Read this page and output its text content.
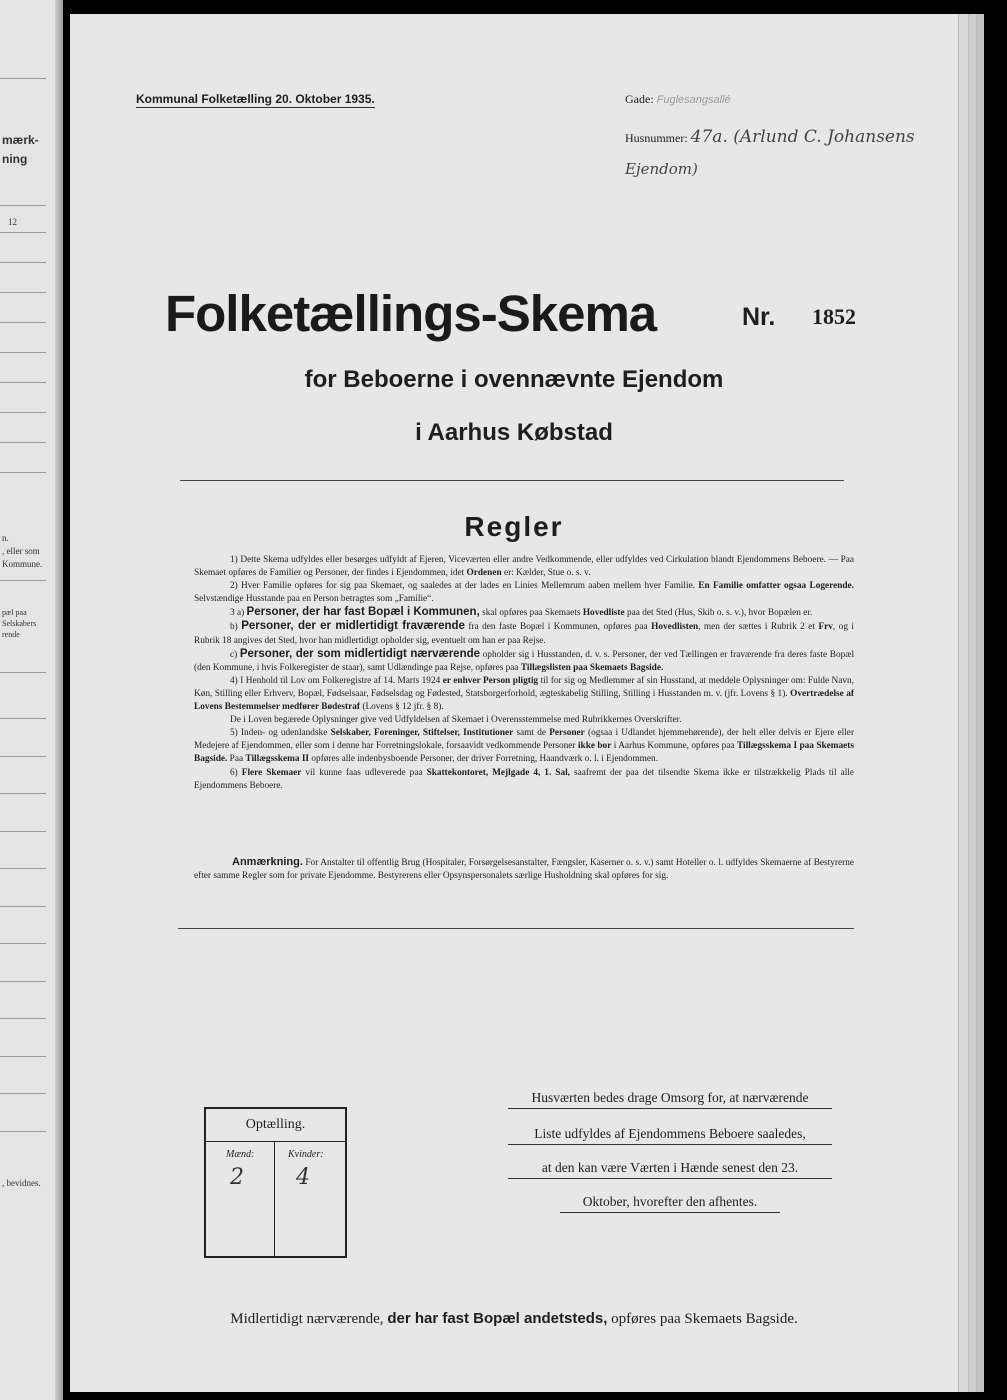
mærk-
ning
12
n.
, eller som
Kommune.
pæl paa
Selskabers
rende
, bevidnes.
Kommunal Folketælling 20. Oktober 1935.	Gade: Fuglesangsallé
Husnummer: 47a. (Arlund C. Johansens
Ejendom)
Folketællings-Skema	Nr. 1852
for Beboerne i ovennævnte Ejendom
i Aarhus Købstad
Regler

1) Dette Skema udfyldes eller besørges udfyldt af Ejeren, Viceværten eller andre Vedkommende, eller udfyldes ved Cirkulation blandt Ejendommens Beboere. — Paa Skemaet opføres de Familier og Personer, der findes i Ejendommen, idet Ordenen er: Kælder, Stue o. s. v.

2) Hver Familie opføres for sig paa Skemaet, og saaledes at der lades en Linies Mellemrum aaben mellem hver Familie. En Familie omfatter ogsaa Logerende. Selvstændige Husstande paa en Person betragtes som „Familie“.

3 a) Personer, der har fast Bopæl i Kommunen, skal opføres paa Skemaets Hovedliste paa det Sted (Hus, Skib o. s. v.), hvor Bopælen er.

b) Personer, der er midlertidigt fraværende fra den faste Bopæl i Kommunen, opføres paa Hovedlisten, men der sættes i Rubrik 2 et Frv, og i Rubrik 18 angives det Sted, hvor han midlertidigt opholder sig, eventuelt om han er paa Rejse.

c) Personer, der som midlertidigt nærværende opholder sig i Husstanden, d. v. s. Personer, der ved Tællingen er fraværende fra deres faste Bopæl (den Kommune, i hvis Folkeregister de staar), samt Udlændinge paa Rejse, opføres paa Tillægslisten paa Skemaets Bagside.

4) I Henhold til Lov om Folkeregistre af 14. Marts 1924 er enhver Person pligtig til for sig og Medlemmer af sin Husstand, at meddele Oplysninger om: Fulde Navn, Køn, Stilling eller Erhverv, Bopæl, Fødselsaar, Fødselsdag og Fødested, Statsborgerforhold, ægteskabelig Stilling, Stilling i Husstanden m. v. (jfr. Lovens § 1). Overtrædelse af Lovens Bestemmelser medfører Bødestraf (Lovens § 12 jfr. § 8).

De i Loven begærede Oplysninger give ved Udfyldelsen af Skemaet i Overensstemmelse med Rubrikkernes Overskrifter.

5) Inden- og udenlandske Selskaber, Foreninger, Stiftelser, Institutioner samt de Personer (ogsaa i Udlandet hjemmehørende), der helt eller delvis er Ejere eller Medejere af Ejendommen, eller som i denne har Forretningslokale, forsaavidt vedkommende Personer ikke bor i Aarhus Kommune, opføres paa Tillægsskema I paa Skemaets Bagside. Paa Tillægsskema II opføres alle indenbysboende Personer, der driver Forretning, Haandværk o. l. i Ejendommen.

6) Flere Skemaer vil kunne faas udleverede paa Skattekontoret, Mejlgade 4, 1. Sal, saafremt der paa det tilsendte Skema ikke er tilstrækkelig Plads til alle Ejendommens Beboere.

Anmærkning. For Anstalter til offentlig Brug (Hospitaler, Forsørgelsesanstalter, Fængsler, Kaserner o. s. v.) samt Hoteller o. l. udfyldes Skemaerne af Bestyrerne efter samme Regler som for private Ejendomme. Bestyrerens eller Opsynspersonalets særlige Husholdning skal opføres for sig.

Optælling.
Mænd:	Kvinder:
2 4
Husværten bedes drage Omsorg for, at nærværende
Liste udfyldes af Ejendommens Beboere saaledes,
at den kan være Værten i Hænde senest den 23.
Oktober, hvorefter den afhentes.
Midlertidigt nærværende, der har fast Bopæl andetsteds, opføres paa Skemaets Bagside.
